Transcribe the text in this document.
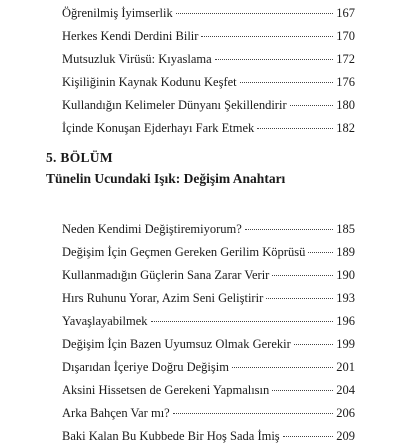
Öğrenilmiş İyimserlik	167
Herkes Kendi Derdini Bilir	170
Mutsuzluk Virüsü: Kıyaslama	172
Kişiliğinin Kaynak Kodunu Keşfet	176
Kullandığın Kelimeler Dünyanı Şekillendirir	180
İçinde Konuşan Ejderhayı Fark Etmek	182
5. BÖLÜM
Tünelin Ucundaki Işık: Değişim Anahtarı
Neden Kendimi Değiştiremiyorum?	185
Değişim İçin Geçmen Gereken Gerilim Köprüsü 189
Kullanmadığın Güçlerin Sana Zarar Verir	190
Hırs Ruhunu Yorar, Azim Seni Geliştirir	193
Yavaşlayabilmek	196
Değişim İçin Bazen Uyumsuz Olmak Gerekir	199
Dışarıdan İçeriye Doğru Değişim	201
Aksini Hissetsen de Gerekeni Yapmalısın	204
Arka Bahçen Var mı?	206
Baki Kalan Bu Kubbede Bir Hoş Sada İmiş	209
